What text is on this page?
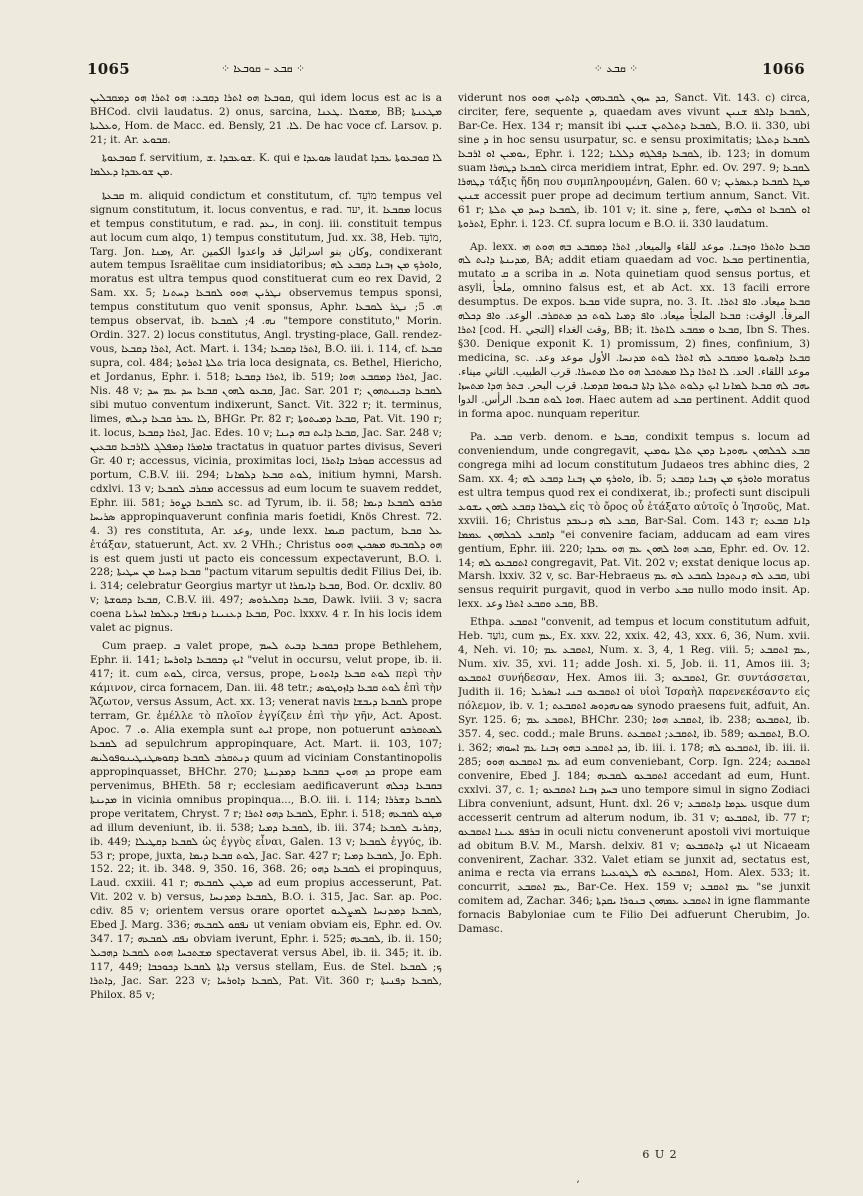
1065	⁘ ܩܒܥ – ܩܘܒܥܐ ⁘	⁘ ܩܒܥ ⁘	1066

ܩܘܒܥܐ ܗܘ ܐܬܪܐ ܕܩܒܥ: ܗܘ ܐܬܪܐ ܗܘ ܕܡܩܒܠܝܢ, qui idem locus est ac is a BHCod. clvii laudatus. 2) onus, sarcina, ܡܫܘܠܐ .ܛܥܢܐ, BB; ܡܛܥܢܬܐ ܘܥܠܝܬܐ, Hom. de Macc. ed. Bensly, ܠܐ. 21. De hac voce cf. Larsov. p. 21; it. Ar. ܩܒܘܥ.

ܩܘܒܥܘܬܐ f. servitium, ܫܘܥܒܕܐ .ܫ. K. qui e ܣܘܥܕܐ laudat ܠܐ ܩܘܒܥܘܬܐ ܥܒܕܐ ܡܢ ܫܘܥܒܕܐ ܕܥܠܡܐ.

ܩܒܥܬܐ m. aliquid condictum et constitutum, cf. מוֹעֵד tempus vel signum constitutum, it. locus conventus, e rad. יעד, it. ܡܩܒܥܐ locus et tempus constitutum, e rad. ܝܥܕ, in conj. iii. constituit tempus aut locum cum alqo, 1) tempus constitutum, Jud. xx. 38, Heb. מוֹעֵד, Targ. Jon. ܙܡܢܐ, Ar. وكان بنو اسرائيل قد واعدوا الكمين, condixerant autem tempus Israëlitae cum insidiatoribus; ܘܐܘܪܟ ܡܢ ܙܒܢܐ ܕܩܒܥ ܠܗ, moratus est ultra tempus quod constituerat cum eo rex David, 2 Sam. xx. 5; ܢܛܪܝܢ ܗܘܘ ܠܩܒܥܐ ܕܚܬܢܐ observemus tempus sponsi, tempus constitutum quo venit sponsus, Aphr. ܗ. 5; ܢܛܪ ܠܩܒܥܐ tempus observat, ib. ܢܗ. 4; ܠܩܒܥܐ "tempore constituto," Morin. Ordin. 327. 2) locus constitutus, Angl. trysting-place, Gall. rendez-vous, ܐܬܪܐ ܕܩܒܥܐ, Act. Mart. i. 134; ܐܬܪܐ ܕܩܒܥܐ, B.O. iii. i. 114, cf. ܩܒܥܐ supra, col. 484; ܬܠܬܐ ܐܬܪܘܬܐ tria loca designata, cs. Bethel, Hiericho, et Jordanus, Ephr. i. 518; ܐܬܪܐ ܕܩܒܥܐ, ib. 519; ܐܬܪܐ ܕܡܩܒܥ ܗܘܐ, Jac. Nis. 48 v; ܩܒܥܘ ܠܗܘܢ ܩܒܥܐ ܚܕ ܥܡ ܚܕ, Jac. Sar. 201 r; ܠܩܒܥܐ ܕܒܝܢܬܗܘܢ sibi mutuo conventum indixerunt, Sanct. Vit. 322 r; it. terminus, limes, ܠܐ ܥܒܪ ܩܒܥܐ ܕܝܠܗ, BHGr. Pr. 82 r; ܩܒܥܐ ܕܡܝܬܘܬܐ, Pat. Vit. 190 r; it. locus, ܐܬܪܐ ܕܩܒܥܐ, Jac. Edes. 10 v; ܩܒܥܐ ܕܐܝܬ ܒܗ ܕܝܢܐ, Jac. Sar. 248 v; ܡܐܡܪܐ ܕܡܦܠܓ ܠܐܪܒܥܐ ܩܒܥܝܢ tractatus in quatuor partes divisus, Severi Gr. 40 r; accessus, vicinia, proximitas loci, ܩܘܪܒܐ ܕܐܬܪܐ accessus ad portum, C.B.V. iii. 294; ܠܘܬ ܩܒܥܐ ܕܠܡܐܢܐ, initium hymni, Marsh. cdxlvi. 13 v; ܡܩܪܒ ܠܩܒܥܐ accessus ad eum locum te suavem reddet, Ephr. iii. 581; ܠܩܒܥܐ ܕܨܘܪ sc. ad Tyrum, ib. ii. 58; ܩܪܒܘ ܠܩܒܥܐ ܕܝܡܐ ܣܪܝܚܐ appropinquaverunt confinia maris foetidi, Knös Chrest. 72. 4. 3) res constituta, Ar. وعد, unde lexx. ܩܝܡܐ pactum, ܥܠ ܩܒܥܐ ἐτάξαν, statuerunt, Act. xv. 2 VHh.; Christus ܗܘ ܕܠܩܒܥܗ ܡܣܟܝܢ ܗܘܘ is est quem justi ut pacto eis concessum expectaverunt, B.O. i. 228; ܩܒܥܐ ܕܚܝܐ ܡܢ ܚܛܝܬܐ "pactum vitarum sepultis dedit Filius Dei, ib. i. 314; celebratur Georgius martyr ut ܩܒܥܐ ܕܐܝܩܪܐ, Bod. Or. dcxliv. 80 v; ܩܒܥܐ ܕܩܘܫܬܐ, C.B.V. iii. 497; ܩܒܥܐ ܕܩܠܝܪܘܣ, Dawk. lviii. 3 v; sacra coena ܩܒܥܐ ܕܥܢܝܢܐ ܕܢܦܫܐ ܕܥܠܡܐ ܐܚܪܝܐ, Poc. lxxxv. 4 r. In his locis idem valet ac pignus.

Cum praep. ܒ valet prope, ܒܩܒܥܐ ܕܒܝܬ ܠܚܡ prope Bethlehem, Ephr. ii. 141; ܐܝܟ ܕܒܩܒܥܐ ܕܐܘܪܚܐ "velut in occursu, velut prope, ib. ii. 417; it. cum ܠܘܬ, circa, versus, prope, ܠܘܬ ܩܒܥܐ ܕܐܬܘܢܐ περὶ τὴν κάμινον, circa fornacem, Dan. iii. 48 tetr.; ܠܘܬ ܩܒܥܐ ܕܐܙܘܛܘܣ ἐπὶ τὴν Ἄζωτον, versus Assum, Act. xx. 13; venerat navis ܠܩܒܥܐ ܕܝܒܫܐ prope terram, Gr. ἐμέλλε τὸ πλοῖον ἐγγίζειν ἐπὶ τὴν γῆν, Act. Apost. Apoc. ܘ. 7. Alia exempla sunt ܐܝܬ prope, non potuerunt ܠܡܬܩܪܒܘ ܠܩܒܥܐ ad sepulchrum appropinquare, Act. Mart. ii. 103, 107; ܕܢܬܩܪܒ ܠܩܒܥܐ ܕܩܘܣܛܢܛܝܢܘܦܘܠܝܣ quum ad viciniam Constantinopolis appropinquasset, BHChr. 270; ܟܕ ܗܘܝܢ ܒܩܒܥܐ ܕܡܕܝܢܬܐ prope eam pervenimus, BHEth. 58 r; ecclesiam aedificaverunt ܒܩܒܥܐ ܕܟܠܗ ܡܕܝܢܬܐ in vicinia omnibus propinqua..., B.O. iii. i. 114; ܠܩܒܥܐ ܕܫܪܪܐ prope veritatem, Chryst. 7 r; ܠܩܒܥܐ ܕܗܘ ܐܬܪܐ, Ephr. i. 518; ܡܛܘ ܠܩܒܥܗ ad illum deveniunt, ib. ii. 538; ܠܩܒܥܐ ܕܡܝܐ, ib. iii. 374; ܕܩܪܝܒ ܠܩܒܥܐ, ib. 449; ܠܩܒܥܐ ܕܩܛܝܠܐ ὡς ἐγγὺς εἶναι, Galen. 13 v; ܠܩܒܥܐ ἐγγύς, ib. 53 r; prope, juxta, ܠܘܬ ܩܒܥܐ ܕܝܡܐ, Jac. Sar. 427 r; ܠܩܒܥܐ ܕܡܝܐ, Jo. Eph. 152. 22; it. ib. 348. 9, 350. 16, 368. 26; ܠܩܒܥܐ ܕܗܘ ei propinquus, Laud. cxxiii. 41 r; ܡܛܝܢ ܠܩܒܥܗ ad eum propius accesserunt, Pat. Vit. 202 v. b) versus, ܠܩܒܥܐ ܕܡܕܢܚܐ, B.O. i. 315, Jac. Sar. ap. Poc. cdiv. 85 v; orientem versus orare oportet ܠܩܒܥܐ ܕܡܕܢܚܐ ܠܡܨܠܝܘ, Ebed J. Marg. 336; ܢܦܩܘ ܠܩܒܥܗ ut veniam obviam eis, Ephr. ed. Ov. 347. 17; ܢܦܩ ܠܩܒܥܗ obviam iverunt, Ephr. i. 525; ܠܩܒܥܗ, ib. ii. 150; ܡܫܬܟܚܐ ܗܘܬ ܠܩܒܥܐ ܕܗܒܝܠ spectaverat versus Abel, ib. ii. 345; it. ib. 117, 449; ܕܐܬܐ ܠܩܒܥܐ ܕܟܘܟܒܐ versus stellam, Eus. de Stel. ܟ; ܠܩܒܥܐ ܕܐܬܪܐ, Jac. Sar. 223 v; ܠܩܒܥܐ ܕܐܘܪܚܐ, Pat. Vit. 360 r; ܠܩܒܥܐ ܕܦܢܝܬܐ, Philox. 85 v;

viderunt nos ܟܕ ܚܙܘܢ ܠܩܒܥܗܘܢ ܕܐܬܝܢ ܗܘܘ, Sanct. Vit. 143. c) circa, circiter, fere, sequente ܕ, quaedam aves vivunt ܠܩܒܥܐ ܕܐܠܦ ܫܢܝܢ, Bar-Ce. Hex. 134 r; mansit ibi ܠܩܒܥܐ ܕܬܠܬܝܢ ܫܢܝܢ, B.O. ii. 330, ubi sine ܕ in hoc sensu usurpatur, sc. e sensu proximitatis; ܠܩܒܥܐ ܕܬܠܬܐ ܝܘܡܝܢ ܐܘ ܐܪܒܥܐ, Ephr. i. 122; ܠܩܒܥܐ ܕܦܠܓܗ ܕܠܠܝܐ, ib. 123; in domum suam ܠܩܒܥܐ ܕܛܗܪܐ circa meridiem intrat, Ephr. ed. Ov. 297. 9; ܠܩܒܥܐ ܕܛܗܪܐ τάξις ἤδη που συμπληρουμένη, Galen. 60 v; ܡܛܐ ܠܩܒܥܐ ܕܥܣܪܝܢ ܫܢܝܢ accessit puer prope ad decimum tertium annum, Sanct. Vit. 61 r; ܠܩܒܥܐ ܕܚܕ ܡܢ ܬܠܬܐ, ib. 101 v; it. sine ܕ, fere, ܐܘ ܠܩܒܥܐ ܐܘ ܟܠܗܝܢ ܐܬܪܘܬܐ, Ephr. i. 123. Cf. supra locum e B.O. ii. 330 laudatum.

Ap. lexx. ܩܒܥܐ ܘܐܬܪܐ ܘܙܒܢܐ. موعد للقاء والميعاد, ܐܬܪܐ ܕܡܩܒܥ ܒܗ ܗܘܬ ܗܝ ܡܕܝܢܬܐ ܕܐܝܬ ܠܗ, BA; addit etiam quaedam ad voc. ܩܒܥܐ pertinentia, mutato ܩ a scriba in ܩ. Nota quinetiam quod sensus portus, et asyli, ملجأ, omnino falsus est, et ab Act. xx. 13 facili errore desumptus. De expos. ܩܒܥܐ vide supra, no. 3. It. ܩܒܥܐ ميعاد. ܘܐܦ ܐܬܪܐ. المرفأ. الوقت: ܩܒܥܐ الملجأ ميعاد. ܘܐܦ ܕܡܝܐ ܠܘܬ ܟܕ ܡܬܩܪܒ. الوعد. ܘܐܦ ܕܟܠܗ ܐܬܪܐ [cod. H. التجي] وقت الغداء, BB; it. ܩܒܥܐ ܘ ܡܩܒܥ ܠܐܬܪܐ, Ibn S. Thes. §30. Denique exponit K. 1) promissum, 2) fines, confinium, 3) medicina, sc. ܩܒܥܐ ܕܐܣܝܘܬܐ ܘܡܩܒܥ ܠܗ ܐܬܪܐ ܠܘܬ ܡܕܢܚܐ. الأول موعد وعد. موعد اللقاء. الحد. ܠܐ ܐܬܪܐ ܕܠܐ ܡܣܬܟܠ ܗܘ ܘܠܐ ܡܬܚܪܐ. قرب الطبيب. الثاني ميناء. ܝܗܒ ܠܗ ܩܒܥܐ ܠܡܐܢܐ ܐܝܟ ܕܠܘܬ ܬܠܬܐ ܕܐܬܐ ܒܝܘܡܐ ܩܕܡܝܐ. قرب البحر. ܒܬܪ ܗܕܐ ܡܬܚܙܐ ܗܘܐ ܠܘܬ ܩܒܥܐ. الرأس. الدوا. Haec autem ad ܩܒܥ pertinent. Addit quod in forma apoc. nunquam reperitur.

Pa. ܩܒܥ verb. denom. e ܩܒܥܐ, condixit tempus s. locum ad conveniendum, unde congregavit, ܩܒܥ ܠܟܠܗܘܢ ܝܗܘܕܝܐ ܕܡܢ ܬܠܬܐ ܝܘܡܝܢ congrega mihi ad locum constitutum Judaeos tres abhinc dies, 2 Sam. xx. 4; ܘܐܘܪܟ ܡܢ ܙܒܢܐ ܕܩܒܥ ܠܗ, ib. 5; ܘܐܘܪܟ ܡܢ ܙܒܢܐ ܕܩܒܥ moratus est ultra tempus quod rex ei condixerat, ib.; profecti sunt discipuli ܠܛܘܪܐ ܕܩܒܥ ܠܗܘܢ ܝܫܘܥ εἰς τὸ ὄρος οὗ ἐτάξατο αὐτοῖς ὁ Ἰησοῦς, Mat. xxviii. 16; Christus ܩܒܥ ܠܗ ܕܢܥܒܕ, Bar-Sal. Com. 143 r; ܕܐܢܐ ܩܒܥܬ ܕܐܩܒܥ ܠܟܠܗܘܢ ܥܡܡܐ "ei convenire faciam, adducam ad eam vires gentium, Ephr. iii. 220; ܩܒܥ ܗܘܐ ܠܗܘܢ ܥܡ ܗܘ ܥܒܕܐ, Ephr. ed. Ov. 12. 14; ܐܬܩܒܥܘ ܠܗ congregavit, Pat. Vit. 202 v; exstat denique locus ap. Marsh. lxxiv. 32 v, sc. Bar-Hebraeus ܩܒܥ ܠܗ ܕܢܬܕܟܐ ܠܩܒܥ ܠܗ ܥܡ, ubi sensus requirit purgavit, quod in verbo ܩܒܥ nullo modo insit. Ap. lexx. ܩܒܥ ܘܩܒܥ ܐܬܪܐ وعد, BB.

Ethpa. ܐܬܩܒܥ "convenit, ad tempus et locum constitutum adfuit, Heb. נוֹעַד, cum ܥܡ, Ex. xxv. 22, xxix. 42, 43, xxx. 6, 36, Num. xvii. 4, Neh. vi. 10; ܐܬܩܒܥ ܥܡ, Num. x. 3, 4, 1 Reg. viii. 5; ܥܡ ܐܬܩܒܥ, Num. xiv. 35, xvi. 11; adde Josh. xi. 5, Job. ii. 11, Amos iii. 3; ܐܬܩܒܥܘ συνήδεσαν, Hex. Amos iii. 3; ܐܬܩܒܥܘ, Gr. συντάσσεται, Judith ii. 16; ܐܬܩܒܥܘ ܒܢܝ ܐܝܣܪܝܠ οἱ υἱοὶ Ἰσραὴλ παρενεκέσαντο εἰς πόλεμον, ib. v. 1; ܣܘܢܗܕܘܣ ܐܬܩܒܥܬ synodo praesens fuit, adfuit, An. Syr. 125. 6; ܐܬܩܒܥ ܥܡ, BHChr. 230; ܐܬܩܒܥ ܗܘܐ, ib. 238; ܐܬܩܒܥܘ, ib. 357. 4, sec. codd.; male Bruns. ܐܬܩܒܥ; ܐܬܩܒܥܬ, ib. 589; ܐܬܩܒܥܘ, B.O. i. 362; ܟܕ ܐܬܩܒܥ ܒܗܘ ܙܒܢܐ ܥܡ ܐܚܘܗܝ, ib. iii. i. 178; ܐܬܩܒܥܘ ܠܗ, ib. iii. ii. 285; ܥܡ ܐܬܩܒܥܘ ܗܘܘ ad eum conveniebant, Corp. Ign. 224; ܐܬܩܒܥܬ convenire, Ebed J. 184; ܐܬܩܒܥܘ ܠܩܒܥܗ accedant ad eum, Hunt. cxxlvi. 37, c. 1; ܒܚܕ ܙܒܢܐ ܐܬܩܒܥܘ uno tempore simul in signo Zodiaci Libra conveniunt, adsunt, Hunt. dxl. 26 v; ܥܕܡܐ ܕܐܬܩܒܥ usque dum accesserit centrum ad alterum nodum, ib. 31 v; ܐܬܩܒܥܘ, ib. 77 r; ܒܪܦܦ ܥܝܢܐ ܐܬܩܒܥܘ in oculi nictu convenerunt apostoli vivi mortuique ad obitum B.V. M., Marsh. delxiv. 81 v; ܐܝܟ ܕܐܬܩܒܥܘ ut Nicaeam convenirent, Zachar. 332. Valet etiam se junxit ad, sectatus est, anima e recta via errans ܐܬܩܒܥܬ ܠܗ ܠܛܘܥܝܝܐ, Hom. Alex. 533; it. concurrit, ܥܡ ܐܬܩܒܥ, Bar-Ce. Hex. 159 v; ܥܡ ܐܬܩܒܥ "se junxit comitem ad, Zachar. 346; ܐܬܩܒܥ ܥܡܗܘܢ ܒܢܘܪܐ ܝܩܕܬܐ in igne flammante fornacis Babyloniae cum te Filio Dei adfuerunt Cherubim, Jo. Damasc.

6 U 2
ʼ
